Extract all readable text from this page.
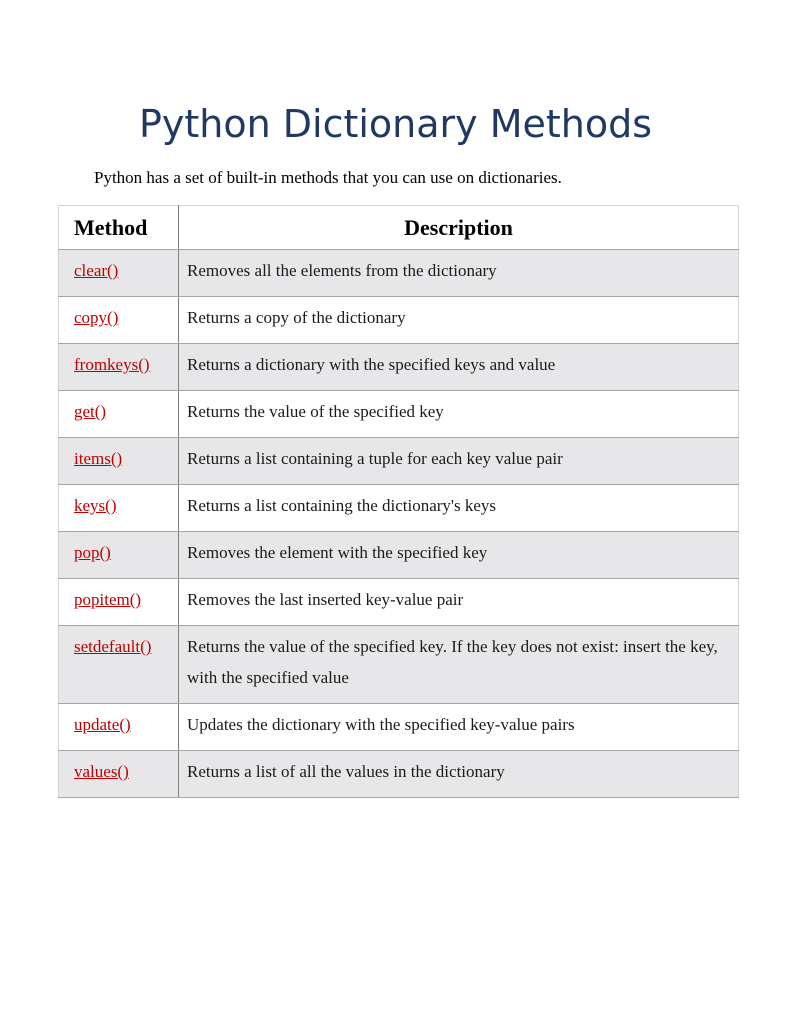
Python Dictionary Methods

Python has a set of built-in methods that you can use on dictionaries.

Method	Description
clear()	Removes all the elements from the dictionary
copy()	Returns a copy of the dictionary
fromkeys()	Returns a dictionary with the specified keys and value
get()	Returns the value of the specified key
items()	Returns a list containing a tuple for each key value pair
keys()	Returns a list containing the dictionary's keys
pop()	Removes the element with the specified key
popitem()	Removes the last inserted key-value pair
setdefault()	Returns the value of the specified key. If the key does not exist: insert the key, with the specified value
update()	Updates the dictionary with the specified key-value pairs
values()	Returns a list of all the values in the dictionary
